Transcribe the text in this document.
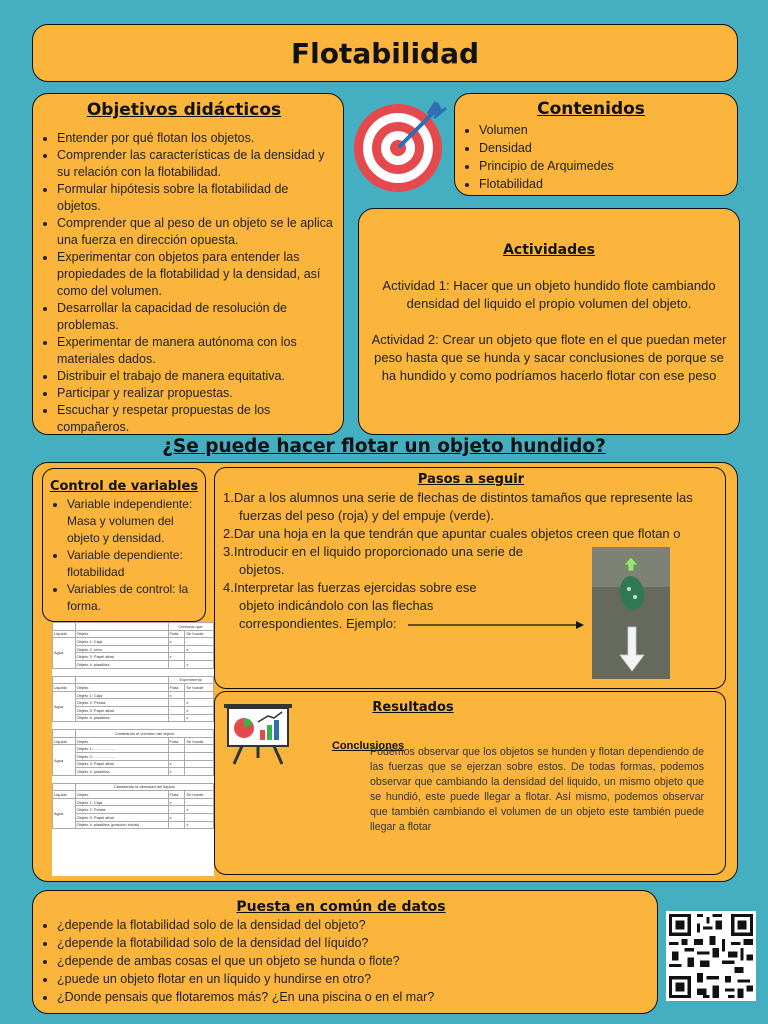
Flotabilidad
Objetivos didácticos
• Entender por qué flotan los objetos.
• Comprender las características de la densidad y su relación con la flotabilidad.
• Formular hipótesis sobre la flotabilidad de objetos.
• Comprender que al peso de un objeto se le aplica una fuerza en dirección opuesta.
• Experimentar con objetos para entender las propiedades de la flotabilidad y la densidad, así como del volumen.
• Desarrollar la capacidad de resolución de problemas.
• Experimentar de manera autónoma con los materiales dados.
• Distribuir el trabajo de manera equitativa.
• Participar y realizar propuestas.
• Escuchar y respetar propuestas de los compañeros.
Contenidos
• Volumen
• Densidad
• Principio de Arquimedes
• Flotabilidad
Actividades

Actividad 1: Hacer que un objeto hundido flote cambiando densidad del liquido el propio volumen del objeto.

Actividad 2: Crear un objeto que flote en el que puedan meter peso hasta que se hunda y sacar conclusiones de porque se ha hundido y como podríamos hacerlo flotar con ese peso

¿Se puede hacer flotar un objeto hundido?
Control de variables
• Variable independiente: Masa y volumen del objeto y densidad.
• Variable dependiente: flotabilidad
• Variables de control: la forma.
Pasos a seguir
1.Dar a los alumnos una serie de flechas de distintos tamaños que represente las fuerzas del peso (roja) y del empuje (verde).
2.Dar una hoja en la que tendrán que apuntar cuales objetos creen que flotan o
3.Introducir en el liquido proporcionado una serie de objetos.
4.Interpretar las fuerzas ejercidas sobre ese objeto indicándolo con las flechas correspondientes. Ejemplo:
Resultados
Conclusiones
Podemos observar que los objetos se hunden y flotan dependiendo de las fuerzas que se ejerzan sobre estos. De todas formas, podemos observar que cambiando la densidad del liquido, un mismo objeto que se hundió, este puede llegar a flotar. Así mismo, podemos observar que también cambiando el volumen de un objeto este también puede llegar a flotar
		Creemos que:	
Liquido	Objeto	Flota	Se hunde
Agua	Objeto 1: Caja	x	
	Objeto 2: retro		x
	Objeto 3: Papel albal	x	
	Objeto 4: plastilina		x

		Experimento	
Liquido	Objeto	Flota	Se hunde
Agua	Objeto 1: Caja	x	
	Objeto 2: Pelota		x
	Objeto 3: Papel albal		x
	Objeto 4: plastilina		x

	Cambiando el volumen del objeto		
Liquido	Objeto	Flota	Se hunde
Agua	Objeto 1: ...................		
	Objeto 2: ...................		
	Objeto 3: Papel albal	x	
	Objeto 4: plastilina	x	

	Cambiando la densidad del liquido		
Liquido	Objeto	Flota	Se hunde
Agua	Objeto 1: Caja	x	
	Objeto 2: Pelota		x
	Objeto 3: Papel albal	x	
	Objeto 4: plastilina (posición inicial)		x
Puesta en común de datos
• ¿depende la flotabilidad solo de la densidad del objeto?
• ¿depende la flotabilidad solo de la densidad del líquido?
• ¿depende de ambas cosas el que un objeto se hunda o flote?
• ¿puede un objeto flotar en un líquido y hundirse en otro?
• ¿Donde pensais que flotaremos más? ¿En una piscina o en el mar?
